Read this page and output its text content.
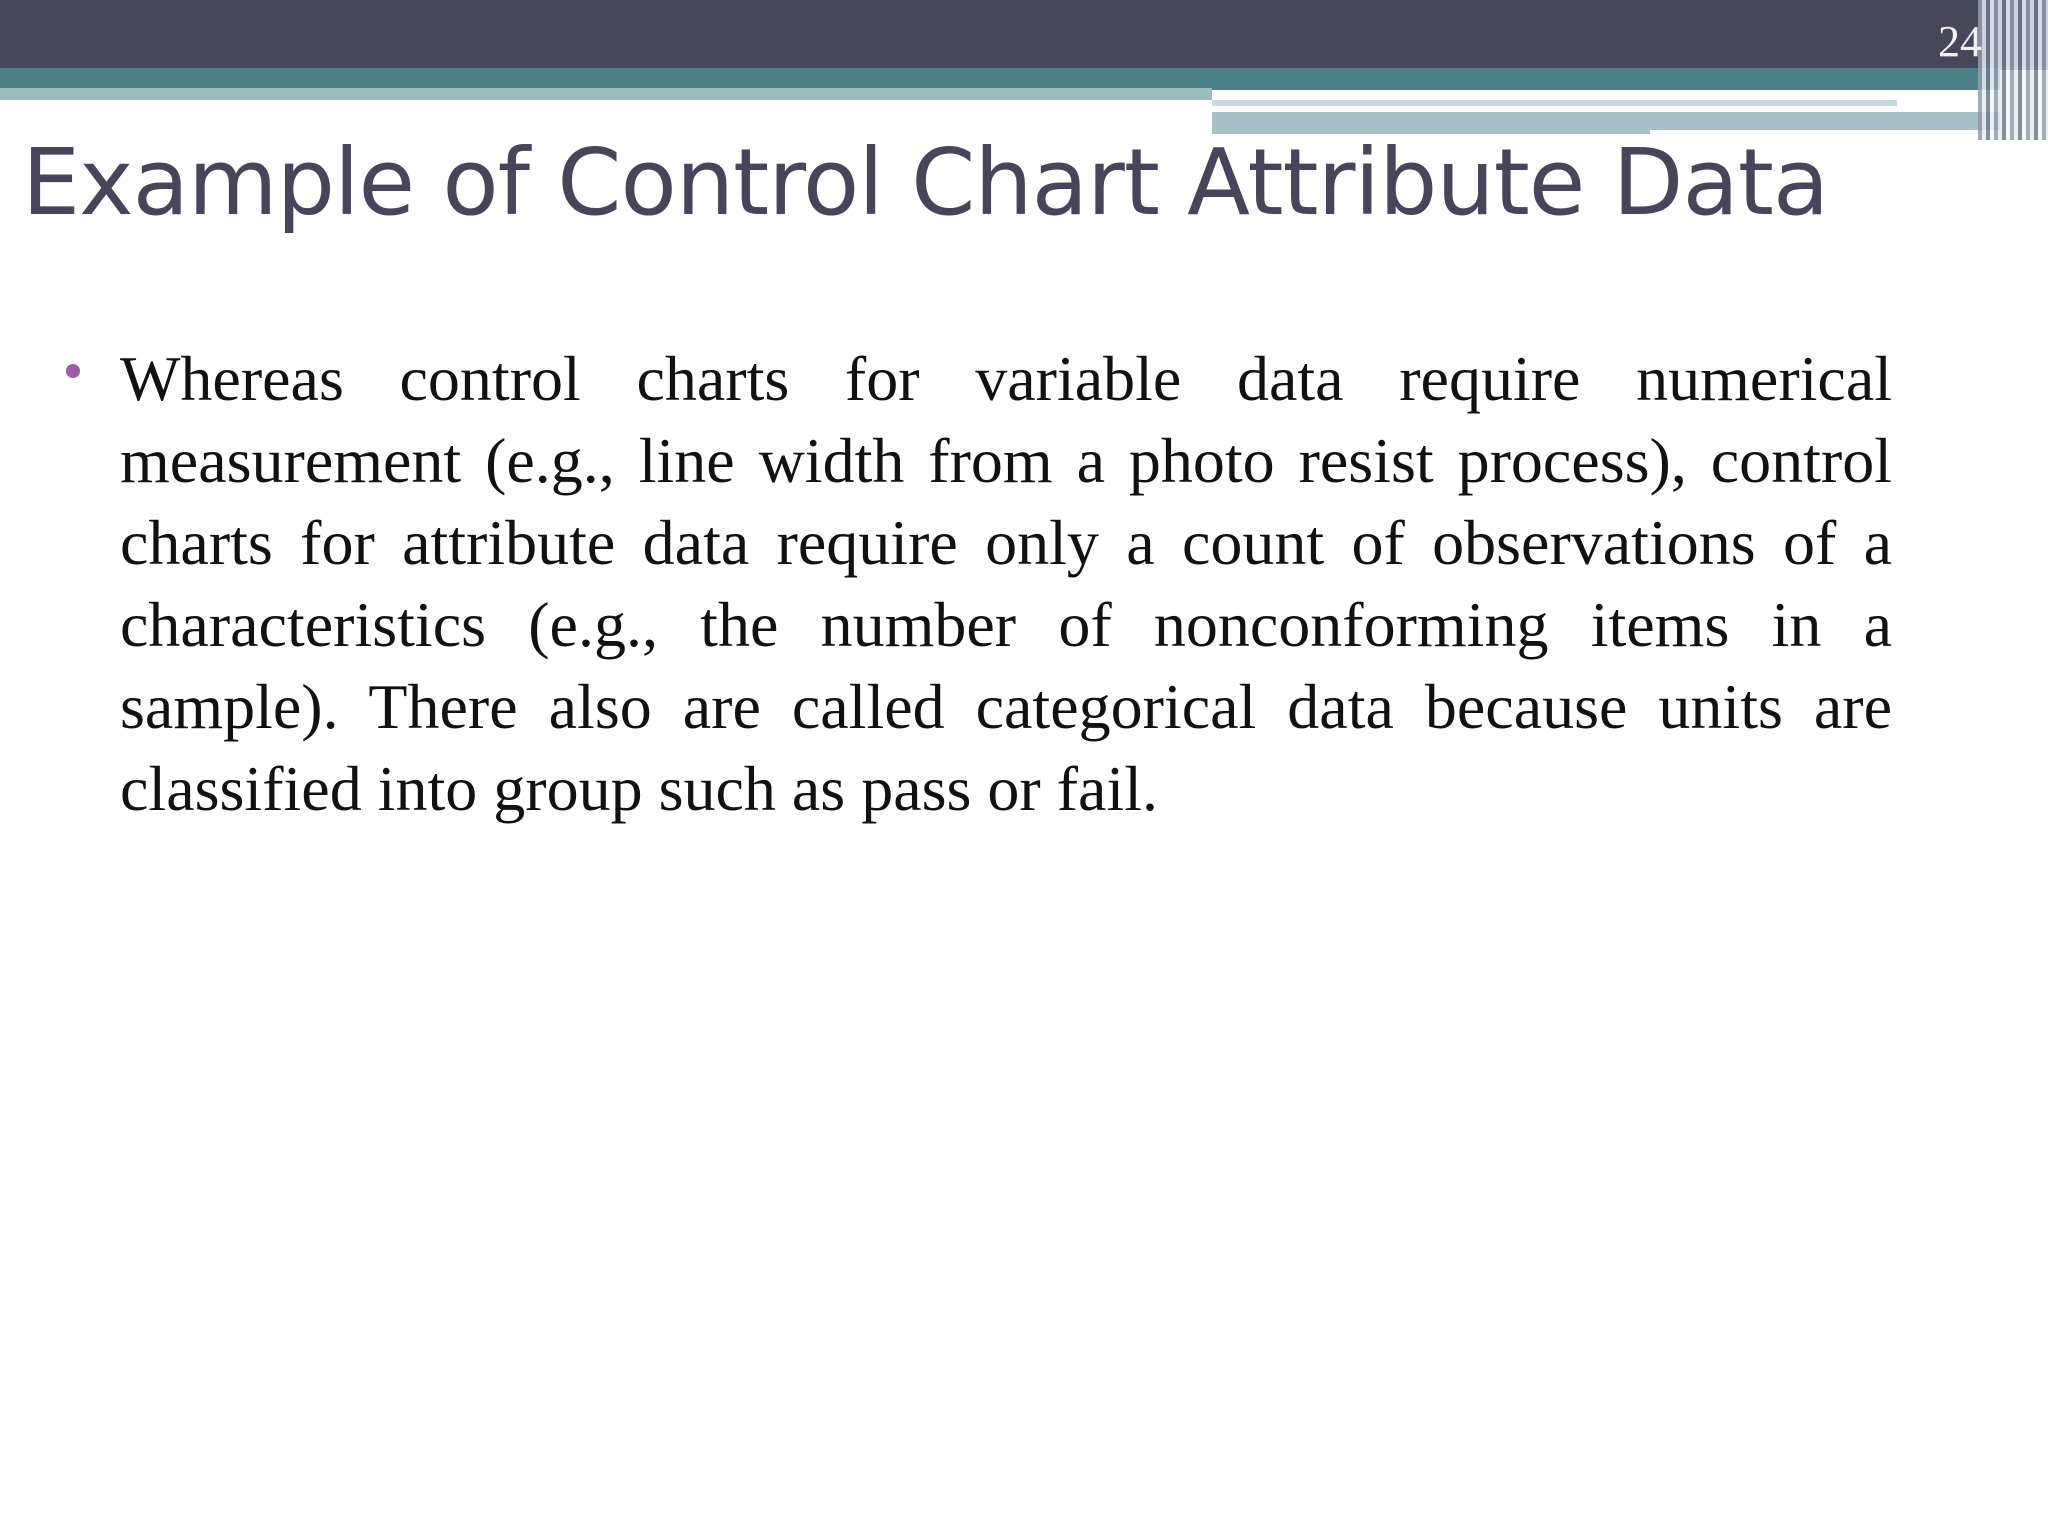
24
Example of Control Chart Attribute Data
Whereas control charts for variable data require numerical measurement (e.g., line width from a photo resist process), control charts for attribute data require only a count of observations of a characteristics (e.g., the number of nonconforming items in a sample). There also are called categorical data because units are classified into group such as pass or fail.
